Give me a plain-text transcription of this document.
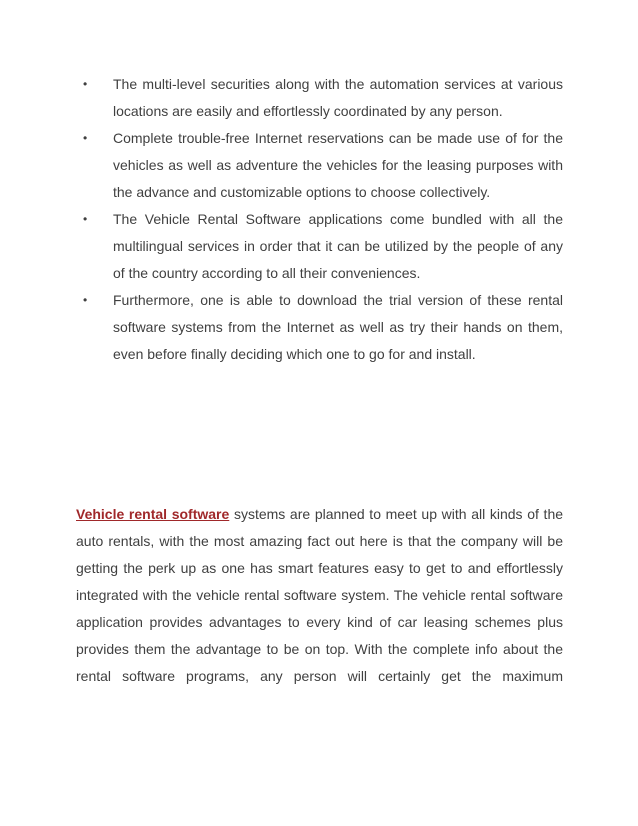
•	The multi-level securities along with the automation services at various locations are easily and effortlessly coordinated by any person.
•	Complete trouble-free Internet reservations can be made use of for the vehicles as well as adventure the vehicles for the leasing purposes with the advance and customizable options to choose collectively.
•	The Vehicle Rental Software applications come bundled with all the multilingual services in order that it can be utilized by the people of any of the country according to all their conveniences.
•	Furthermore, one is able to download the trial version of these rental software systems from the Internet as well as try their hands on them, even before finally deciding which one to go for and install.

Vehicle rental software systems are planned to meet up with all kinds of the auto rentals, with the most amazing fact out here is that the company will be getting the perk up as one has smart features easy to get to and effortlessly integrated with the vehicle rental software system. The vehicle rental software application provides advantages to every kind of car leasing schemes plus provides them the advantage to be on top. With the complete info about the rental software programs, any person will certainly get the maximum
